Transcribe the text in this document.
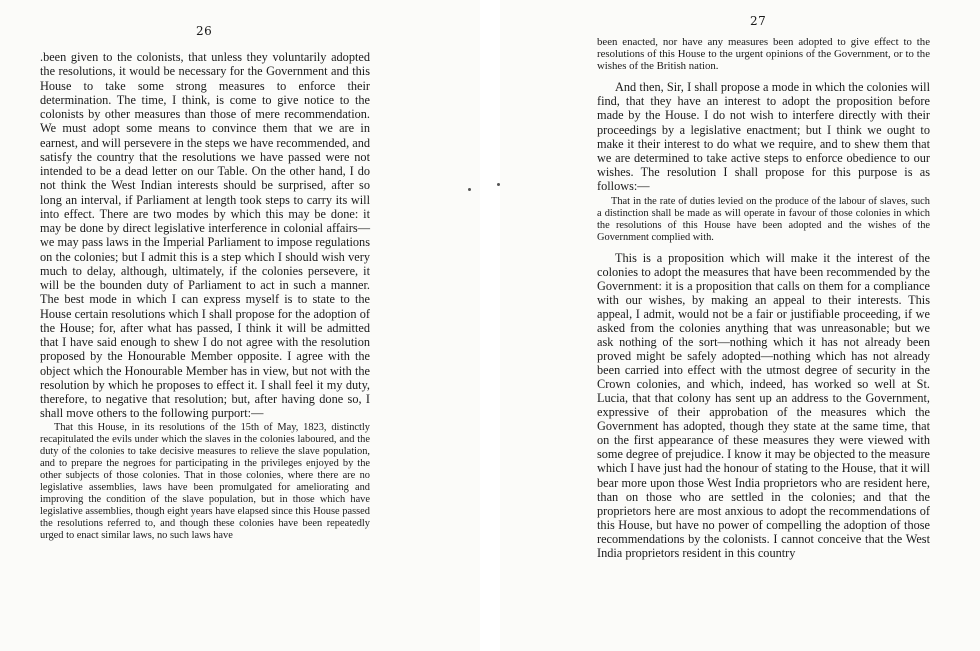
26

.been given to the colonists, that unless they voluntarily adopted the resolutions, it would be necessary for the Government and this House to take some strong measures to enforce their determination. The time, I think, is come to give notice to the colonists by other measures than those of mere recommendation. We must adopt some means to convince them that we are in earnest, and will persevere in the steps we have recommended, and satisfy the country that the resolutions we have passed were not intended to be a dead letter on our Table. On the other hand, I do not think the West Indian interests should be surprised, after so long an interval, if Parliament at length took steps to carry its will into effect. There are two modes by which this may be done: it may be done by direct legislative interference in colonial affairs—we may pass laws in the Imperial Parliament to impose regulations on the colonies; but I admit this is a step which I should wish very much to delay, although, ultimately, if the colonies persevere, it will be the bounden duty of Parliament to act in such a manner. The best mode in which I can express myself is to state to the House certain resolutions which I shall propose for the adoption of the House; for, after what has passed, I think it will be admitted that I have said enough to shew I do not agree with the resolution proposed by the Honourable Member opposite. I agree with the object which the Honourable Member has in view, but not with the resolution by which he proposes to effect it. I shall feel it my duty, therefore, to negative that resolution; but, after having done so, I shall move others to the following purport:—

That this House, in its resolutions of the 15th of May, 1823, distinctly recapitulated the evils under which the slaves in the colonies laboured, and the duty of the colonies to take decisive measures to relieve the slave population, and to prepare the negroes for participating in the privileges enjoyed by the other subjects of those colonies. That in those colonies, where there are no legislative assemblies, laws have been promulgated for ameliorating and improving the condition of the slave population, but in those which have legislative assemblies, though eight years have elapsed since this House passed the resolutions referred to, and though these colonies have been repeatedly urged to enact similar laws, no such laws have

27

been enacted, nor have any measures been adopted to give effect to the resolutions of this House to the urgent opinions of the Government, or to the wishes of the British nation.

And then, Sir, I shall propose a mode in which the colonies will find, that they have an interest to adopt the proposition before made by the House. I do not wish to interfere directly with their proceedings by a legislative enactment; but I think we ought to make it their interest to do what we require, and to shew them that we are determined to take active steps to enforce obedience to our wishes. The resolution I shall propose for this purpose is as follows:—

That in the rate of duties levied on the produce of the labour of slaves, such a distinction shall be made as will operate in favour of those colonies in which the resolutions of this House have been adopted and the wishes of the Government complied with.

This is a proposition which will make it the interest of the colonies to adopt the measures that have been recommended by the Government: it is a proposition that calls on them for a compliance with our wishes, by making an appeal to their interests. This appeal, I admit, would not be a fair or justifiable proceeding, if we asked from the colonies anything that was unreasonable; but we ask nothing of the sort—nothing which it has not already been proved might be safely adopted—nothing which has not already been carried into effect with the utmost degree of security in the Crown colonies, and which, indeed, has worked so well at St. Lucia, that that colony has sent up an address to the Government, expressive of their approbation of the measures which the Government has adopted, though they state at the same time, that on the first appearance of these measures they were viewed with some degree of prejudice. I know it may be objected to the measure which I have just had the honour of stating to the House, that it will bear more upon those West India proprietors who are resident here, than on those who are settled in the colonies; and that the proprietors here are most anxious to adopt the recommendations of this House, but have no power of compelling the adoption of those recommendations by the colonists. I cannot conceive that the West India proprietors resident in this country
